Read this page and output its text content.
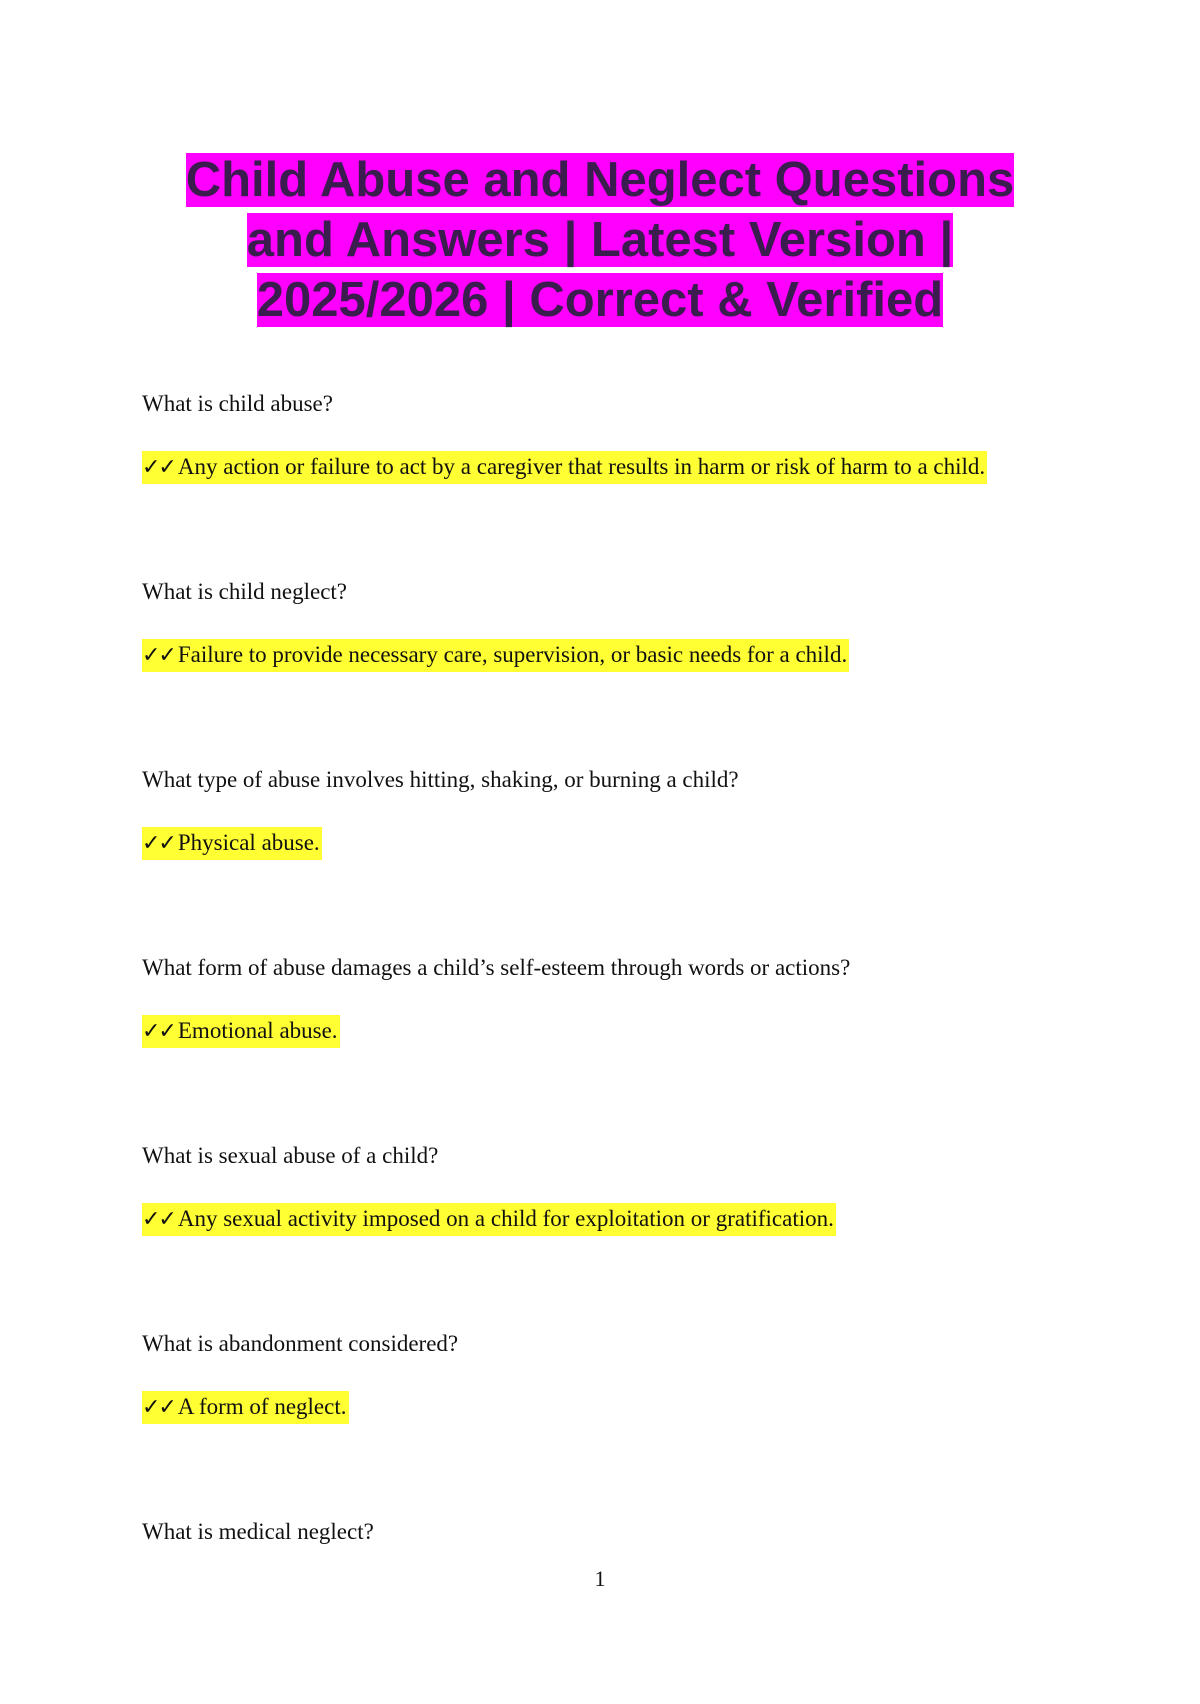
Child Abuse and Neglect Questions
and Answers | Latest Version |
2025/2026 | Correct & Verified
What is child abuse?
✓✓ Any action or failure to act by a caregiver that results in harm or risk of harm to a child.
What is child neglect?
✓✓ Failure to provide necessary care, supervision, or basic needs for a child.
What type of abuse involves hitting, shaking, or burning a child?
✓✓ Physical abuse.
What form of abuse damages a child’s self-esteem through words or actions?
✓✓ Emotional abuse.
What is sexual abuse of a child?
✓✓ Any sexual activity imposed on a child for exploitation or gratification.
What is abandonment considered?
✓✓ A form of neglect.
What is medical neglect?
1
